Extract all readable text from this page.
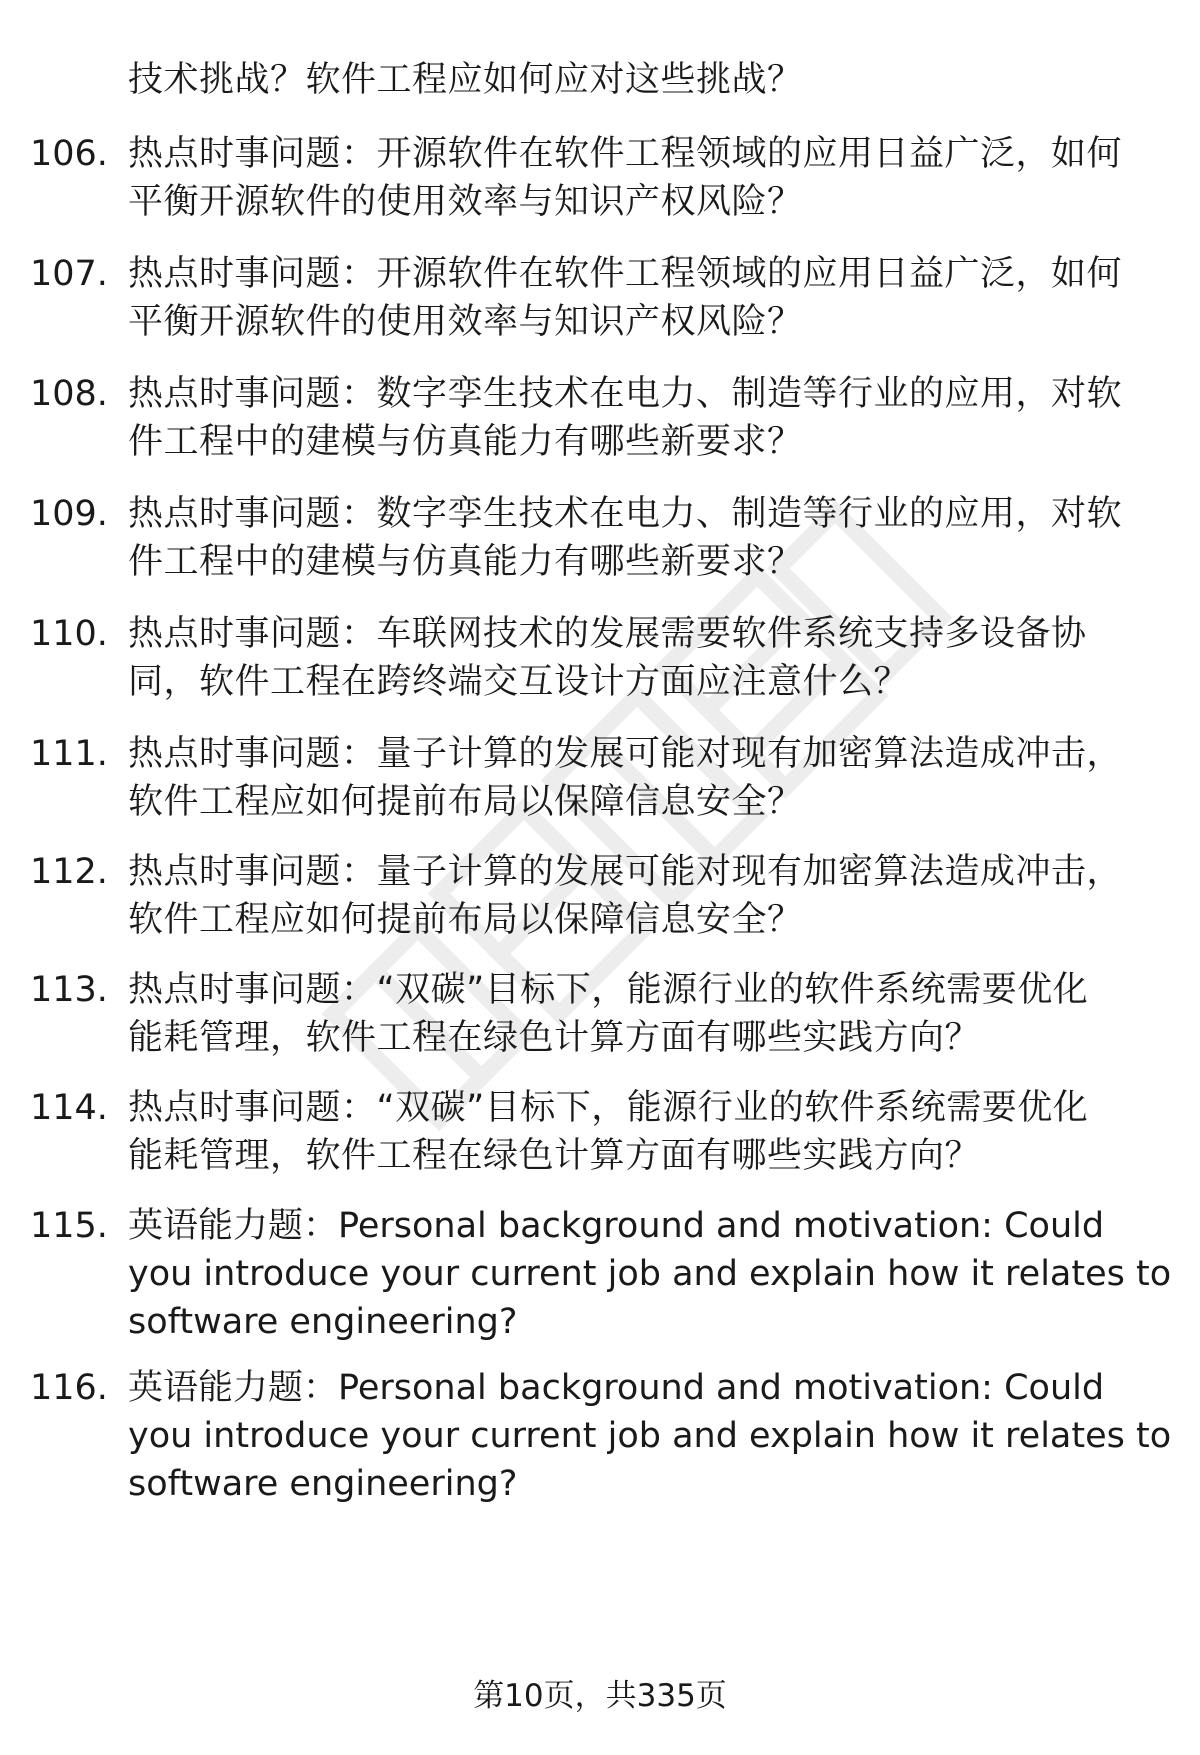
技术挑战？软件工程应如何应对这些挑战？
106. 热点时事问题：开源软件在软件工程领域的应用日益广泛，如何
平衡开源软件的使用效率与知识产权风险？
107. 热点时事问题：开源软件在软件工程领域的应用日益广泛，如何
平衡开源软件的使用效率与知识产权风险？
108. 热点时事问题：数字孪生技术在电力、制造等行业的应用，对软
件工程中的建模与仿真能力有哪些新要求？
109. 热点时事问题：数字孪生技术在电力、制造等行业的应用，对软
件工程中的建模与仿真能力有哪些新要求？
110. 热点时事问题：车联网技术的发展需要软件系统支持多设备协
同，软件工程在跨终端交互设计方面应注意什么？
111. 热点时事问题：量子计算的发展可能对现有加密算法造成冲击，
软件工程应如何提前布局以保障信息安全？
112. 热点时事问题：量子计算的发展可能对现有加密算法造成冲击，
软件工程应如何提前布局以保障信息安全？
113. 热点时事问题：“双碳”目标下，能源行业的软件系统需要优化
能耗管理，软件工程在绿色计算方面有哪些实践方向？
114. 热点时事问题：“双碳”目标下，能源行业的软件系统需要优化
能耗管理，软件工程在绿色计算方面有哪些实践方向？
115. 英语能力题：Personal background and motivation: Could
you introduce your current job and explain how it relates to
software engineering?
116. 英语能力题：Personal background and motivation: Could
you introduce your current job and explain how it relates to
software engineering?
第10页，共335页
